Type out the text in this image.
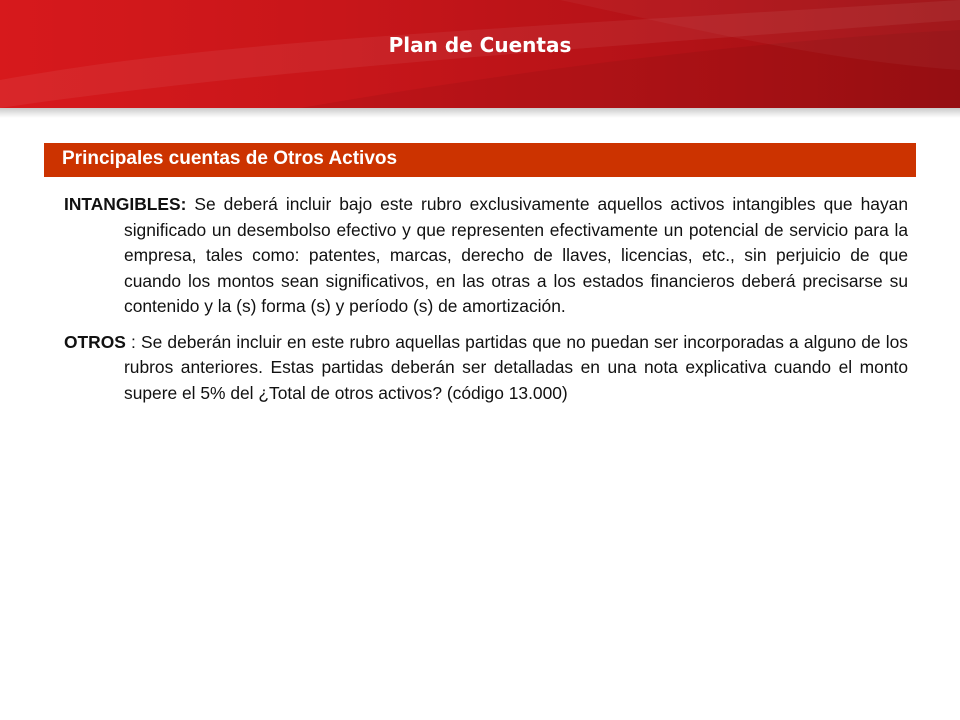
Plan de Cuentas
Principales cuentas de Otros Activos
INTANGIBLES: Se deberá incluir bajo este rubro exclusivamente aquellos activos intangibles que hayan significado un desembolso efectivo y que representen efectivamente un potencial de servicio para la empresa, tales como: patentes, marcas, derecho de llaves, licencias, etc., sin perjuicio de que cuando los montos sean significativos, en las otras a los estados financieros deberá precisarse su contenido y la (s) forma (s) y período (s) de amortización.
OTROS : Se deberán incluir en este rubro aquellas partidas que no puedan ser incorporadas a alguno de los rubros anteriores. Estas partidas deberán ser detalladas en una nota explicativa cuando el monto supere el 5% del ¿Total de otros activos? (código 13.000)
